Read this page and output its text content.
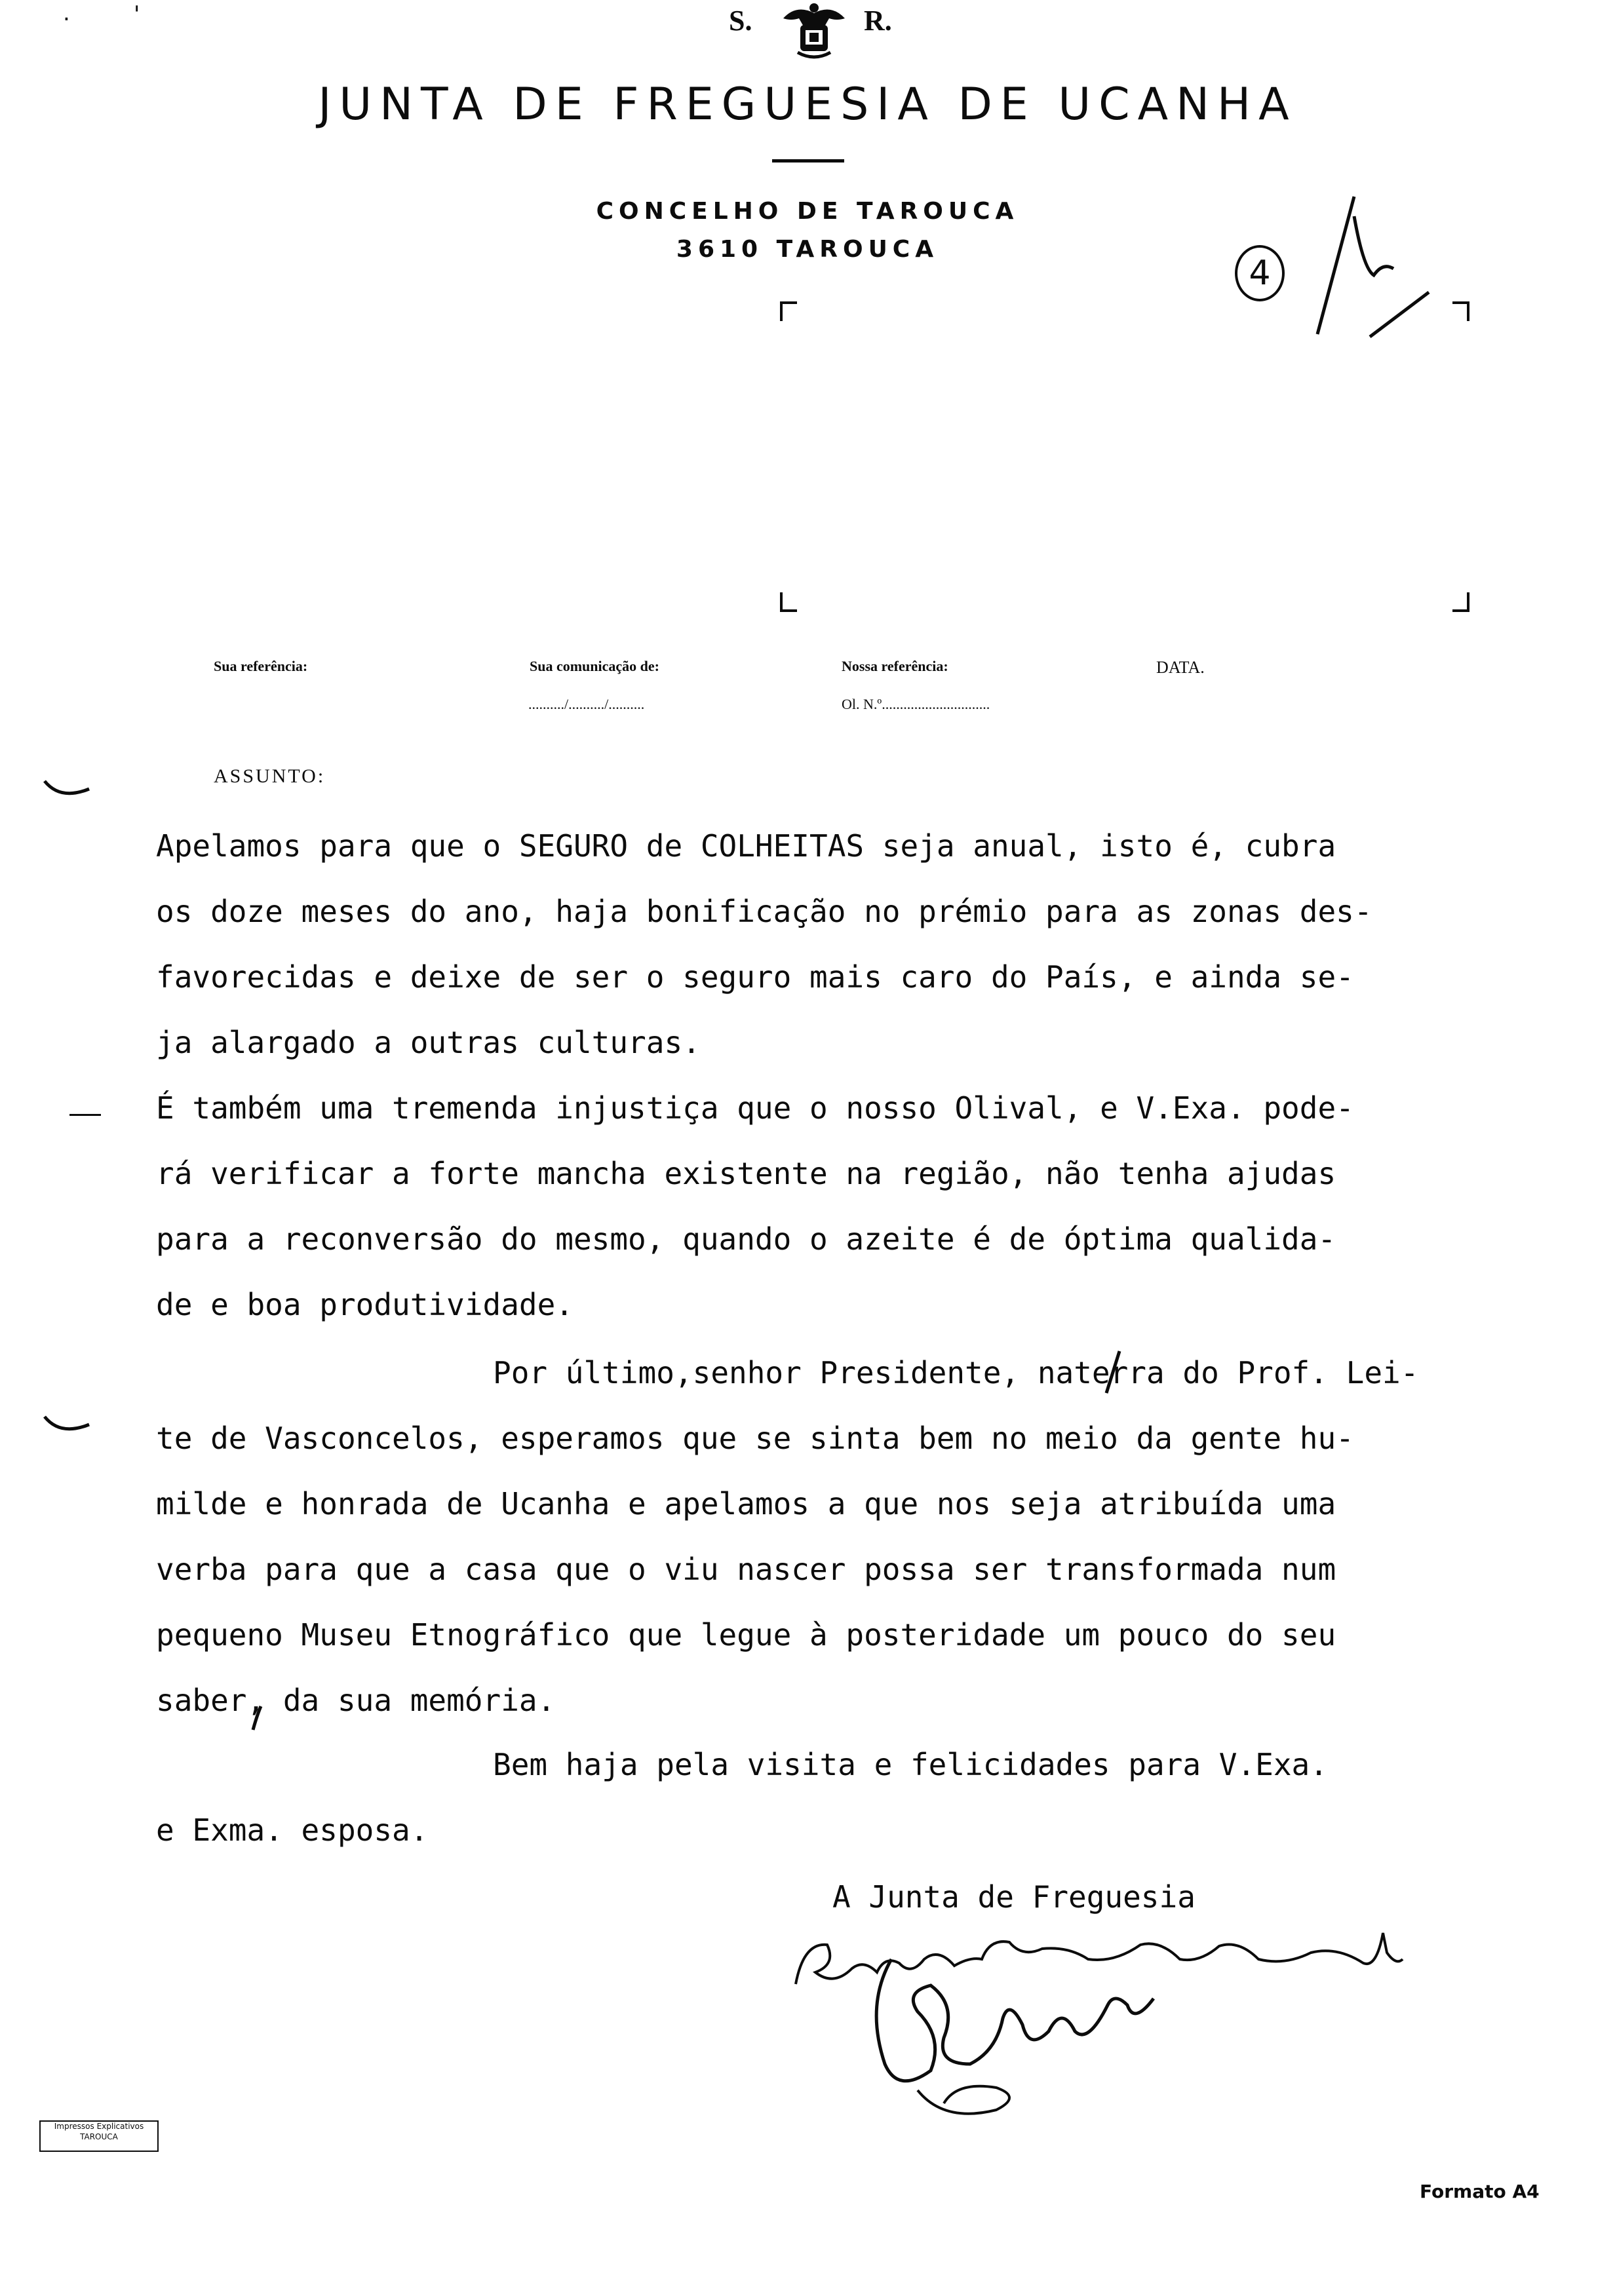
.	'	S.	R.
JUNTA DE FREGUESIA DE UCANHA
CONCELHO DE TAROUCA
3610 TAROUCA
4
Sua referência:	Sua comunicação de:
........../........../..........
Nossa referência:
Ol. N.º..............................
DATA.
ASSUNTO:
Apelamos para que o SEGURO de COLHEITAS seja anual, isto é, cubra
os doze meses do ano, haja bonificação no prémio para as zonas des-
favorecidas e deixe de ser o seguro mais caro do País, e ainda se-
ja alargado a outras culturas.
É também uma tremenda injustiça que o nosso Olival, e V.Exa. pode-
rá verificar a forte mancha existente na região, não tenha ajudas
para a reconversão do mesmo, quando o azeite é de óptima qualida-
de e boa produtividade.
Por último,senhor Presidente, naterra do Prof. Lei-
te de Vasconcelos, esperamos que se sinta bem no meio da gente hu-
milde e honrada de Ucanha e apelamos a que nos seja atribuída uma
verba para que a casa que o viu nascer possa ser transformada num
pequeno Museu Etnográfico que legue à posteridade um pouco do seu
saber, da sua memória.
Bem haja pela visita e felicidades para V.Exa.
e Exma. esposa.
A Junta de Freguesia
Impressos Explicativos
TAROUCA
Formato A4
